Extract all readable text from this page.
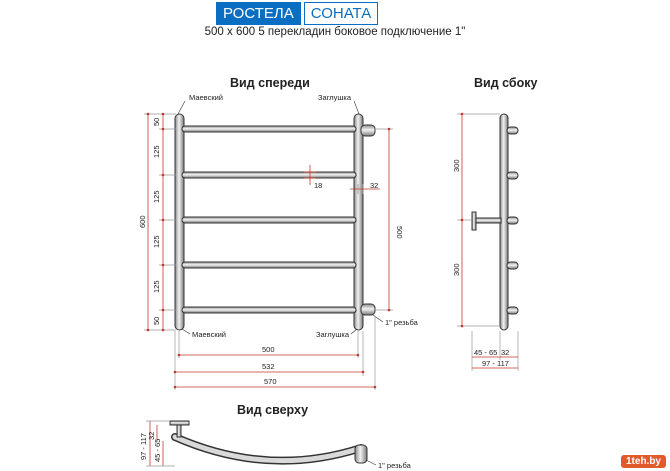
РОСТЕЛА	СОНАТА
500 x 600 5 перекладин боковое подключение 1"
Вид спереди	Вид сбоку
Вид сверху
50
125
125
125
125
50
600
500
18	32
Маевский	Заглушка
Маевский	Заглушка
1" резьба
500
532
570
300
300
45 - 65 32
97 - 117
97 - 117 32
45 - 65
1" резьба	1teh.by
